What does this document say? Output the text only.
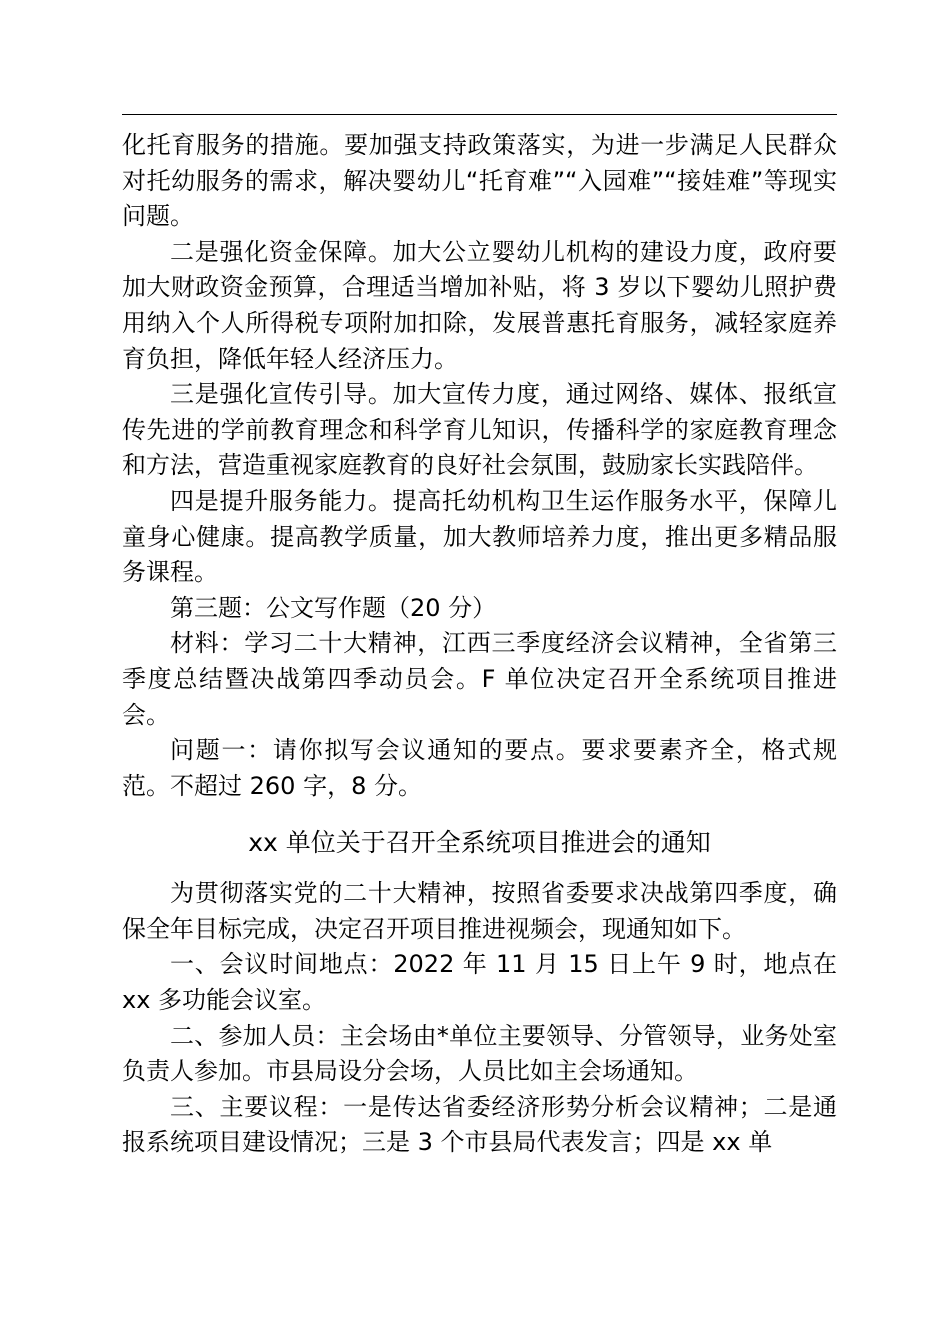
化托育服务的措施。要加强支持政策落实，为进一步满足人民群众对托幼服务的需求，解决婴幼儿“托育难”“入园难”“接娃难”等现实问题。

二是强化资金保障。加大公立婴幼儿机构的建设力度，政府要加大财政资金预算，合理适当增加补贴，将 3 岁以下婴幼儿照护费用纳入个人所得税专项附加扣除，发展普惠托育服务，减轻家庭养育负担，降低年轻人经济压力。

三是强化宣传引导。加大宣传力度，通过网络、媒体、报纸宣传先进的学前教育理念和科学育儿知识，传播科学的家庭教育理念和方法，营造重视家庭教育的良好社会氛围，鼓励家长实践陪伴。

四是提升服务能力。提高托幼机构卫生运作服务水平，保障儿童身心健康。提高教学质量，加大教师培养力度，推出更多精品服务课程。

第三题：公文写作题（20 分）

材料：学习二十大精神，江西三季度经济会议精神，全省第三季度总结暨决战第四季动员会。F 单位决定召开全系统项目推进会。

问题一：请你拟写会议通知的要点。要求要素齐全，格式规范。不超过 260 字，8 分。

xx 单位关于召开全系统项目推进会的通知

为贯彻落实党的二十大精神，按照省委要求决战第四季度，确保全年目标完成，决定召开项目推进视频会，现通知如下。

一、会议时间地点：2022 年 11 月 15 日上午 9 时，地点在 xx 多功能会议室。

二、参加人员：主会场由*单位主要领导、分管领导，业务处室负责人参加。市县局设分会场，人员比如主会场通知。

三、主要议程：一是传达省委经济形势分析会议精神；二是通报系统项目建设情况；三是 3 个市县局代表发言；四是 xx 单
